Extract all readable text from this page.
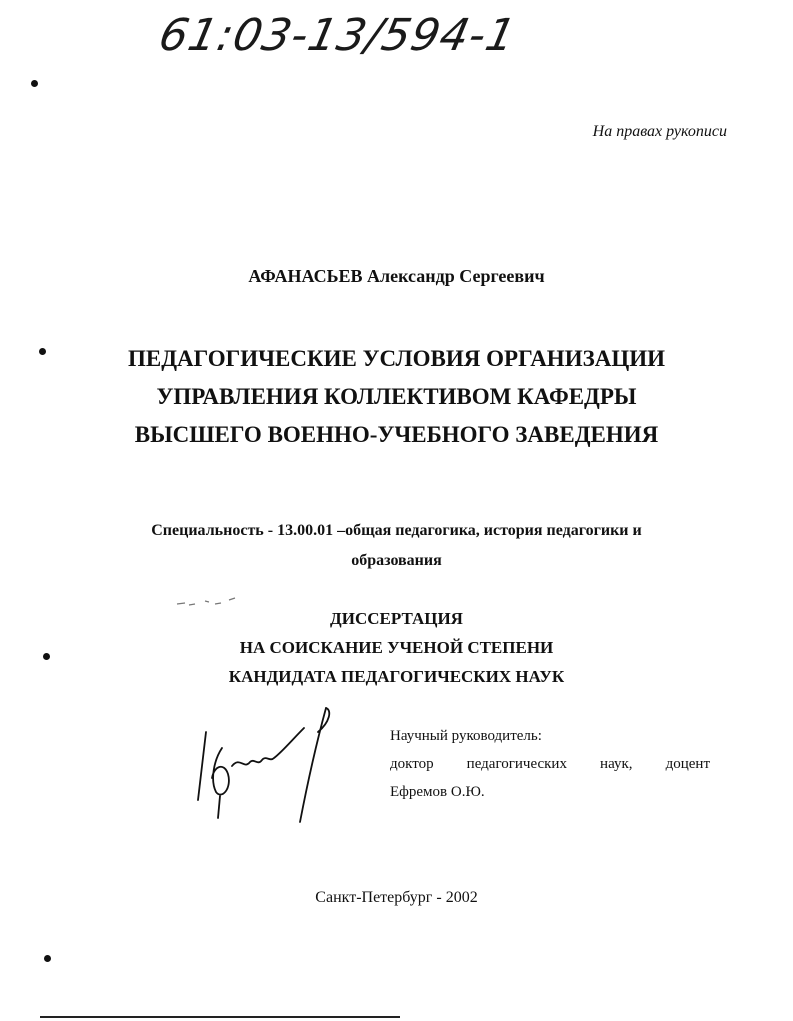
61:03-13/594-1
На правах рукописи
АФАНАСЬЕВ Александр Сергеевич
ПЕДАГОГИЧЕСКИЕ УСЛОВИЯ ОРГАНИЗАЦИИ
УПРАВЛЕНИЯ КОЛЛЕКТИВОМ КАФЕДРЫ
ВЫСШЕГО ВОЕННО-УЧЕБНОГО ЗАВЕДЕНИЯ
Специальность - 13.00.01 –общая педагогика, история педагогики и
образования
ДИССЕРТАЦИЯ
НА СОИСКАНИЕ УЧЕНОЙ СТЕПЕНИ
КАНДИДАТА ПЕДАГОГИЧЕСКИХ НАУК
Научный руководитель:
доктор педагогических наук, доцент
Ефремов О.Ю.
Санкт-Петербург - 2002
